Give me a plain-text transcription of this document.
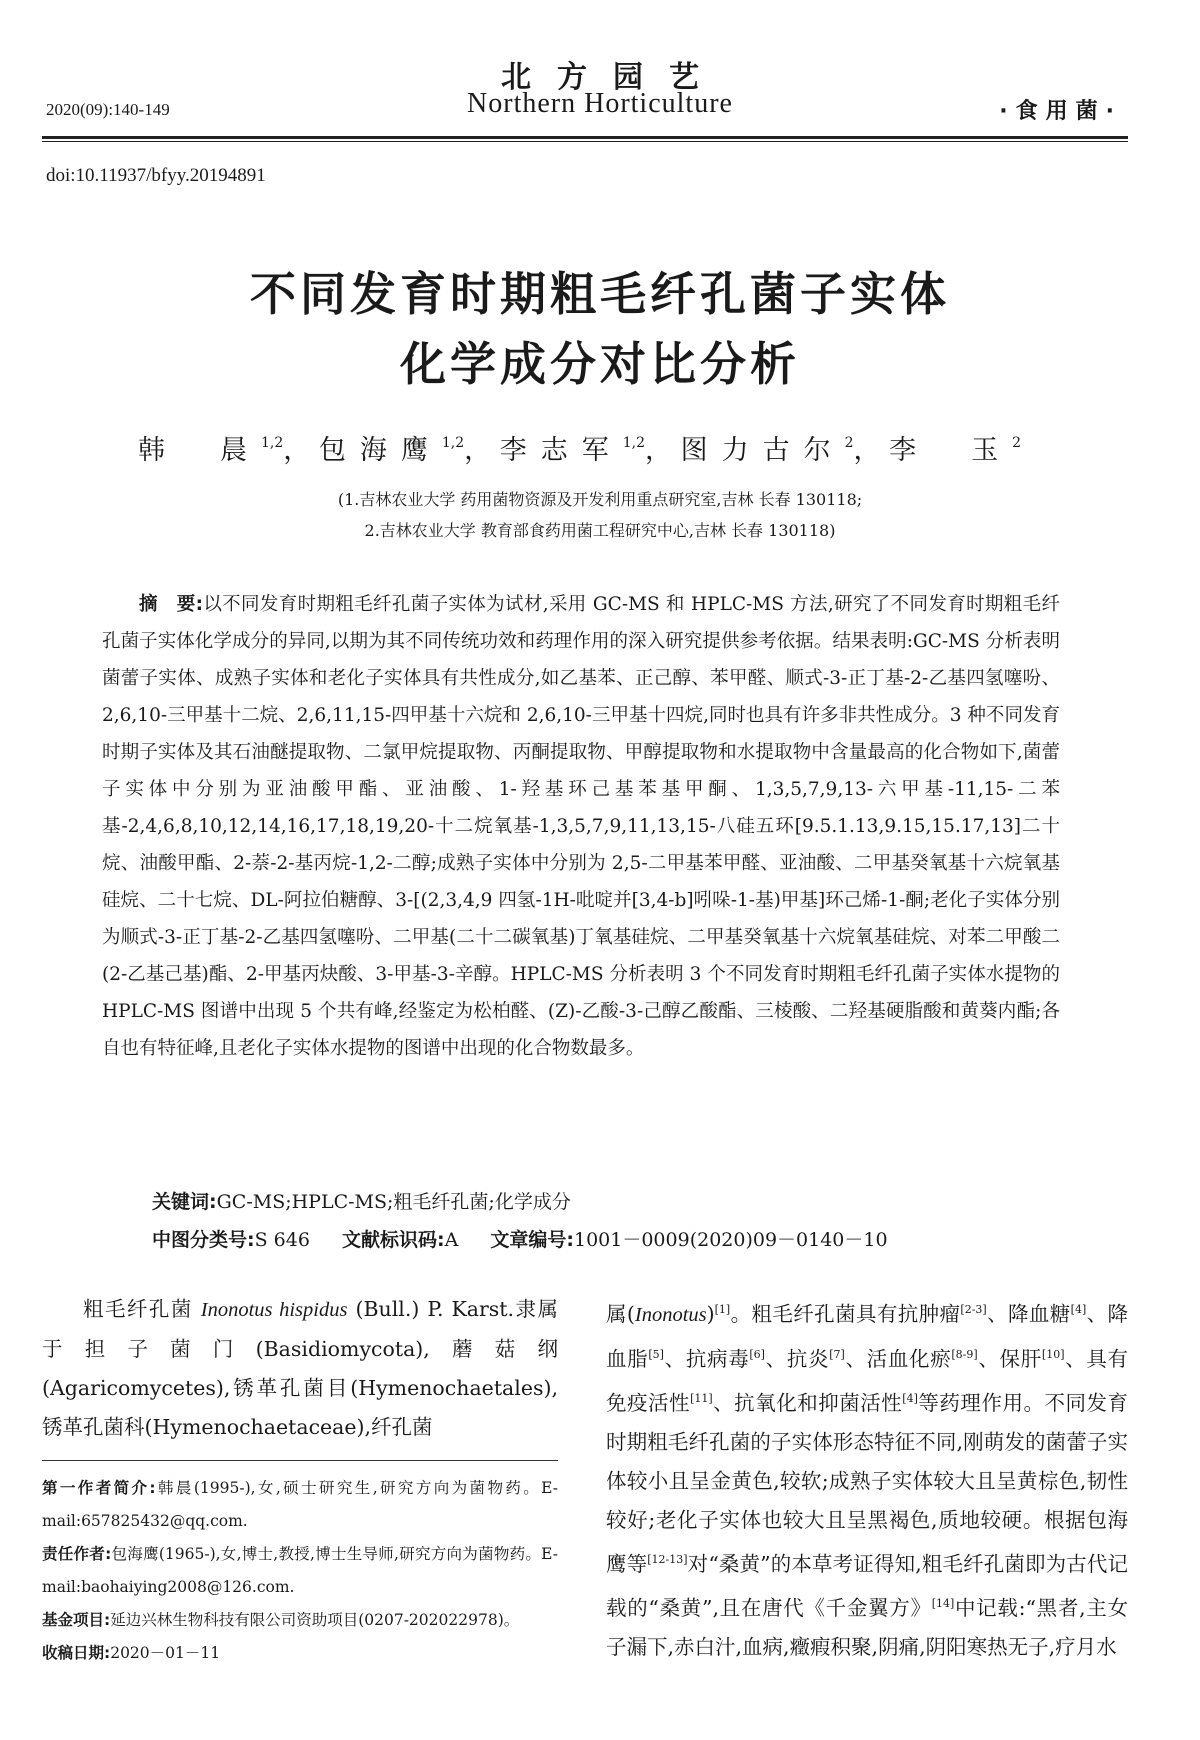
北方园艺
Northern Horticulture
2020(09):140-149	·食用菌·
doi:10.11937/bfyy.20194891
不同发育时期粗毛纤孔菌子实体
化学成分对比分析
韩　晨$^{1,2}$， 包海鹰$^{1,2}$， 李志军$^{1,2}$， 图力古尔$^2$， 李　玉$^2$
(1.吉林农业大学 药用菌物资源及开发利用重点研究室,吉林 长春 130118;
2.吉林农业大学 教育部食药用菌工程研究中心,吉林 长春 130118)
摘　要:以不同发育时期粗毛纤孔菌子实体为试材,采用 GC-MS 和 HPLC-MS 方法,研究了不同发育时期粗毛纤孔菌子实体化学成分的异同,以期为其不同传统功效和药理作用的深入研究提供参考依据。结果表明:GC-MS 分析表明菌蕾子实体、成熟子实体和老化子实体具有共性成分,如乙基苯、正己醇、苯甲醛、顺式-3-正丁基-2-乙基四氢噻吩、2,6,10-三甲基十二烷、2,6,11,15-四甲基十六烷和 2,6,10-三甲基十四烷,同时也具有许多非共性成分。3 种不同发育时期子实体及其石油醚提取物、二氯甲烷提取物、丙酮提取物、甲醇提取物和水提取物中含量最高的化合物如下,菌蕾子实体中分别为亚油酸甲酯、亚油酸、1-羟基环己基苯基甲酮、1,3,5,7,9,13-六甲基-11,15-二苯基-2,4,6,8,10,12,14,16,17,18,19,20-十二烷氧基-1,3,5,7,9,11,13,15-八硅五环[9.5.1.13,9.15,15.17,13]二十烷、油酸甲酯、2-萘-2-基丙烷-1,2-二醇;成熟子实体中分别为 2,5-二甲基苯甲醛、亚油酸、二甲基癸氧基十六烷氧基硅烷、二十七烷、DL-阿拉伯糖醇、3-[(2,3,4,9 四氢-1H-吡啶并[3,4-b]吲哚-1-基)甲基]环己烯-1-酮;老化子实体分别为顺式-3-正丁基-2-乙基四氢噻吩、二甲基(二十二碳氧基)丁氧基硅烷、二甲基癸氧基十六烷氧基硅烷、对苯二甲酸二(2-乙基己基)酯、2-甲基丙炔酸、3-甲基-3-辛醇。HPLC-MS 分析表明 3 个不同发育时期粗毛纤孔菌子实体水提物的 HPLC-MS 图谱中出现 5 个共有峰,经鉴定为松柏醛、(Z)-乙酸-3-己醇乙酸酯、三棱酸、二羟基硬脂酸和黄葵内酯;各自也有特征峰,且老化子实体水提物的图谱中出现的化合物数最多。
关键词:GC-MS;HPLC-MS;粗毛纤孔菌;化学成分
中图分类号:S 646 文献标识码:A 文章编号:1001－0009(2020)09－0140－10
粗毛纤孔菌 Inonotus hispidus (Bull.) P. Karst.隶属于担子菌门(Basidiomycota),蘑菇纲(Agaricomycetes),锈革孔菌目(Hymenochaetales),锈革孔菌科(Hymenochaetaceae),纤孔菌

第一作者简介:韩晨(1995-),女,硕士研究生,研究方向为菌物药。E-mail:657825432@qq.com.

责任作者:包海鹰(1965-),女,博士,教授,博士生导师,研究方向为菌物药。E-mail:baohaiying2008@126.com.

基金项目:延边兴林生物科技有限公司资助项目(0207-202022978)。

收稿日期:2020－01－11

属(Inonotus)[1]。粗毛纤孔菌具有抗肿瘤[2-3]、降血糖[4]、降血脂[5]、抗病毒[6]、抗炎[7]、活血化瘀[8-9]、保肝[10]、具有免疫活性[11]、抗氧化和抑菌活性[4]等药理作用。不同发育时期粗毛纤孔菌的子实体形态特征不同,刚萌发的菌蕾子实体较小且呈金黄色,较软;成熟子实体较大且呈黄棕色,韧性较好;老化子实体也较大且呈黑褐色,质地较硬。根据包海鹰等[12-13]对“桑黄”的本草考证得知,粗毛纤孔菌即为古代记载的“桑黄”,且在唐代《千金翼方》[14]中记载:“黑者,主女子漏下,赤白汁,血病,癥瘕积聚,阴痛,阴阳寒热无子,疗月水
